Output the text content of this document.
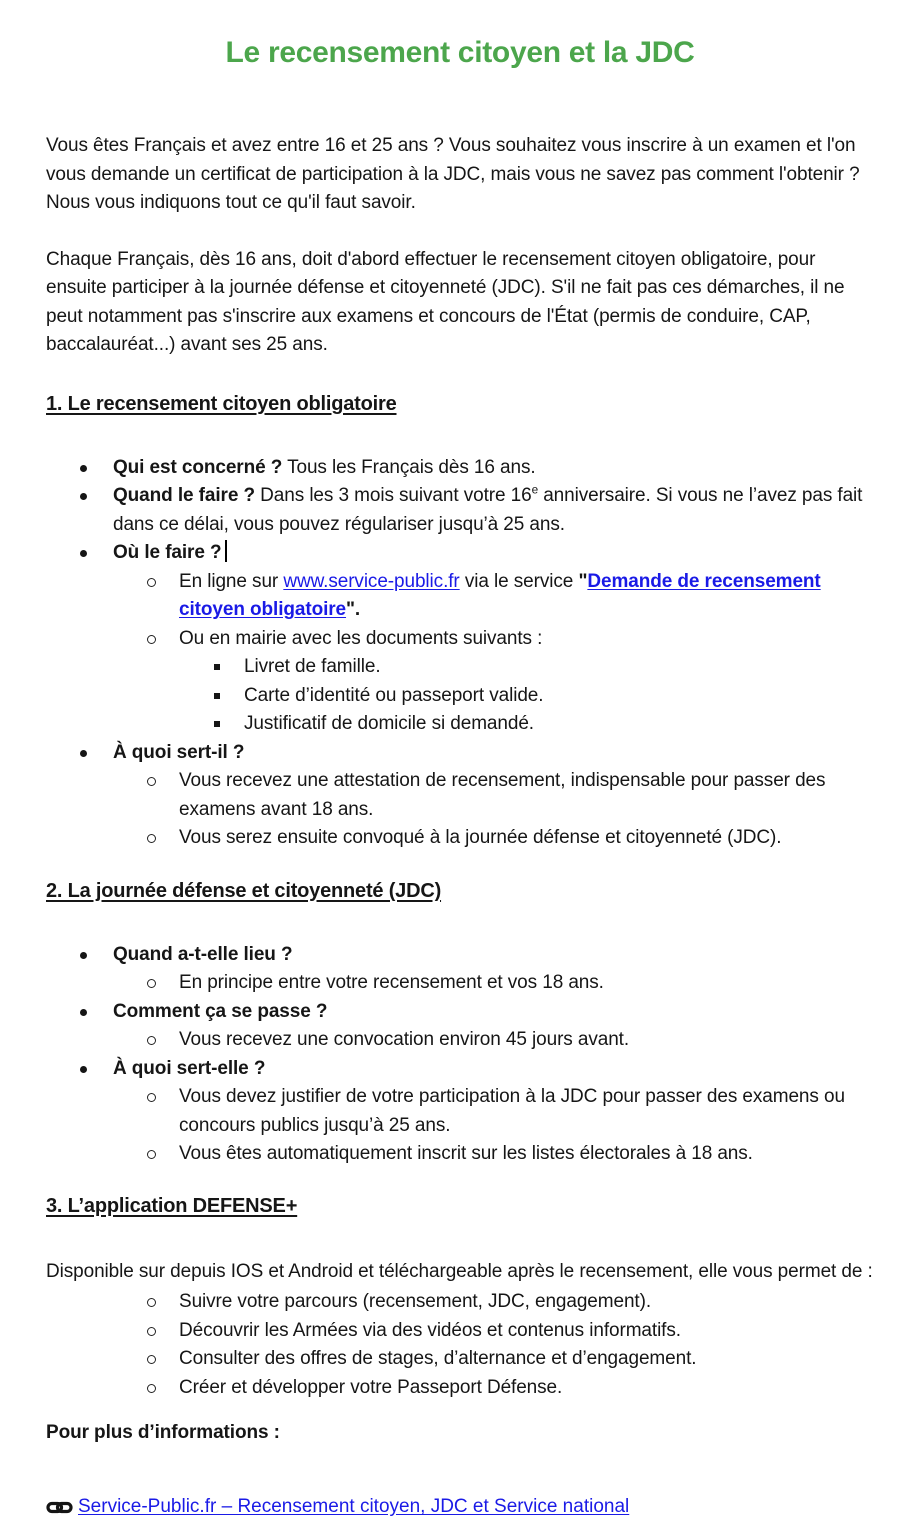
Le recensement citoyen et la JDC

Vous êtes Français et avez entre 16 et 25 ans ? Vous souhaitez vous inscrire à un examen et l'on vous demande un certificat de participation à la JDC, mais vous ne savez pas comment l'obtenir ? Nous vous indiquons tout ce qu'il faut savoir.

Chaque Français, dès 16 ans, doit d'abord effectuer le recensement citoyen obligatoire, pour ensuite participer à la journée défense et citoyenneté (JDC). S'il ne fait pas ces démarches, il ne peut notamment pas s'inscrire aux examens et concours de l'État (permis de conduire, CAP, baccalauréat...) avant ses 25 ans.

1. Le recensement citoyen obligatoire
Qui est concerné ? Tous les Français dès 16 ans.
Quand le faire ? Dans les 3 mois suivant votre 16e anniversaire. Si vous ne l’avez pas fait dans ce délai, vous pouvez régulariser jusqu’à 25 ans.
Où le faire ?
En ligne sur www.service-public.fr via le service "Demande de recensement citoyen obligatoire".
Ou en mairie avec les documents suivants :
Livret de famille.
Carte d’identité ou passeport valide.
Justificatif de domicile si demandé.
À quoi sert-il ?
Vous recevez une attestation de recensement, indispensable pour passer des examens avant 18 ans.
Vous serez ensuite convoqué à la journée défense et citoyenneté (JDC).
2. La journée défense et citoyenneté (JDC)
Quand a-t-elle lieu ?
En principe entre votre recensement et vos 18 ans.
Comment ça se passe ?
Vous recevez une convocation environ 45 jours avant.
À quoi sert-elle ?
Vous devez justifier de votre participation à la JDC pour passer des examens ou concours publics jusqu’à 25 ans.
Vous êtes automatiquement inscrit sur les listes électorales à 18 ans.
3. L’application DEFENSE+

Disponible sur depuis IOS et Android et téléchargeable après le recensement, elle vous permet de :

Suivre votre parcours (recensement, JDC, engagement).
Découvrir les Armées via des vidéos et contenus informatifs.
Consulter des offres de stages, d’alternance et d’engagement.
Créer et développer votre Passeport Défense.

Pour plus d’informations :

Service-Public.fr – Recensement citoyen, JDC et Service national
